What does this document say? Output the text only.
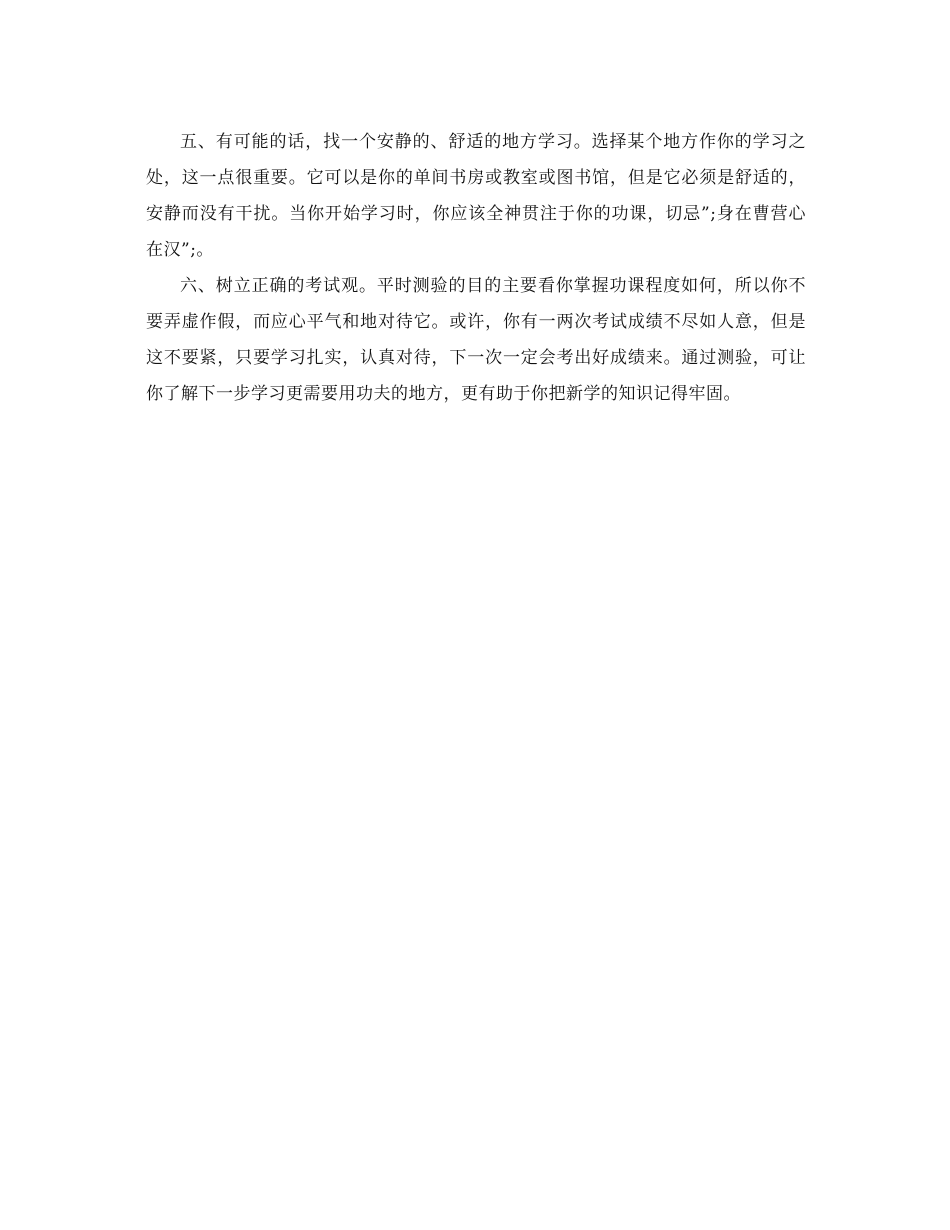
五、有可能的话，找一个安静的、舒适的地方学习。选择某个地方作你的学习之处，这一点很重要。它可以是你的单间书房或教室或图书馆，但是它必须是舒适的，安静而没有干扰。当你开始学习时，你应该全神贯注于你的功课，切忌”;身在曹营心在汉”;。

六、树立正确的考试观。平时测验的目的主要看你掌握功课程度如何，所以你不要弄虚作假，而应心平气和地对待它。或许，你有一两次考试成绩不尽如人意，但是这不要紧，只要学习扎实，认真对待，下一次一定会考出好成绩来。通过测验，可让你了解下一步学习更需要用功夫的地方，更有助于你把新学的知识记得牢固。
